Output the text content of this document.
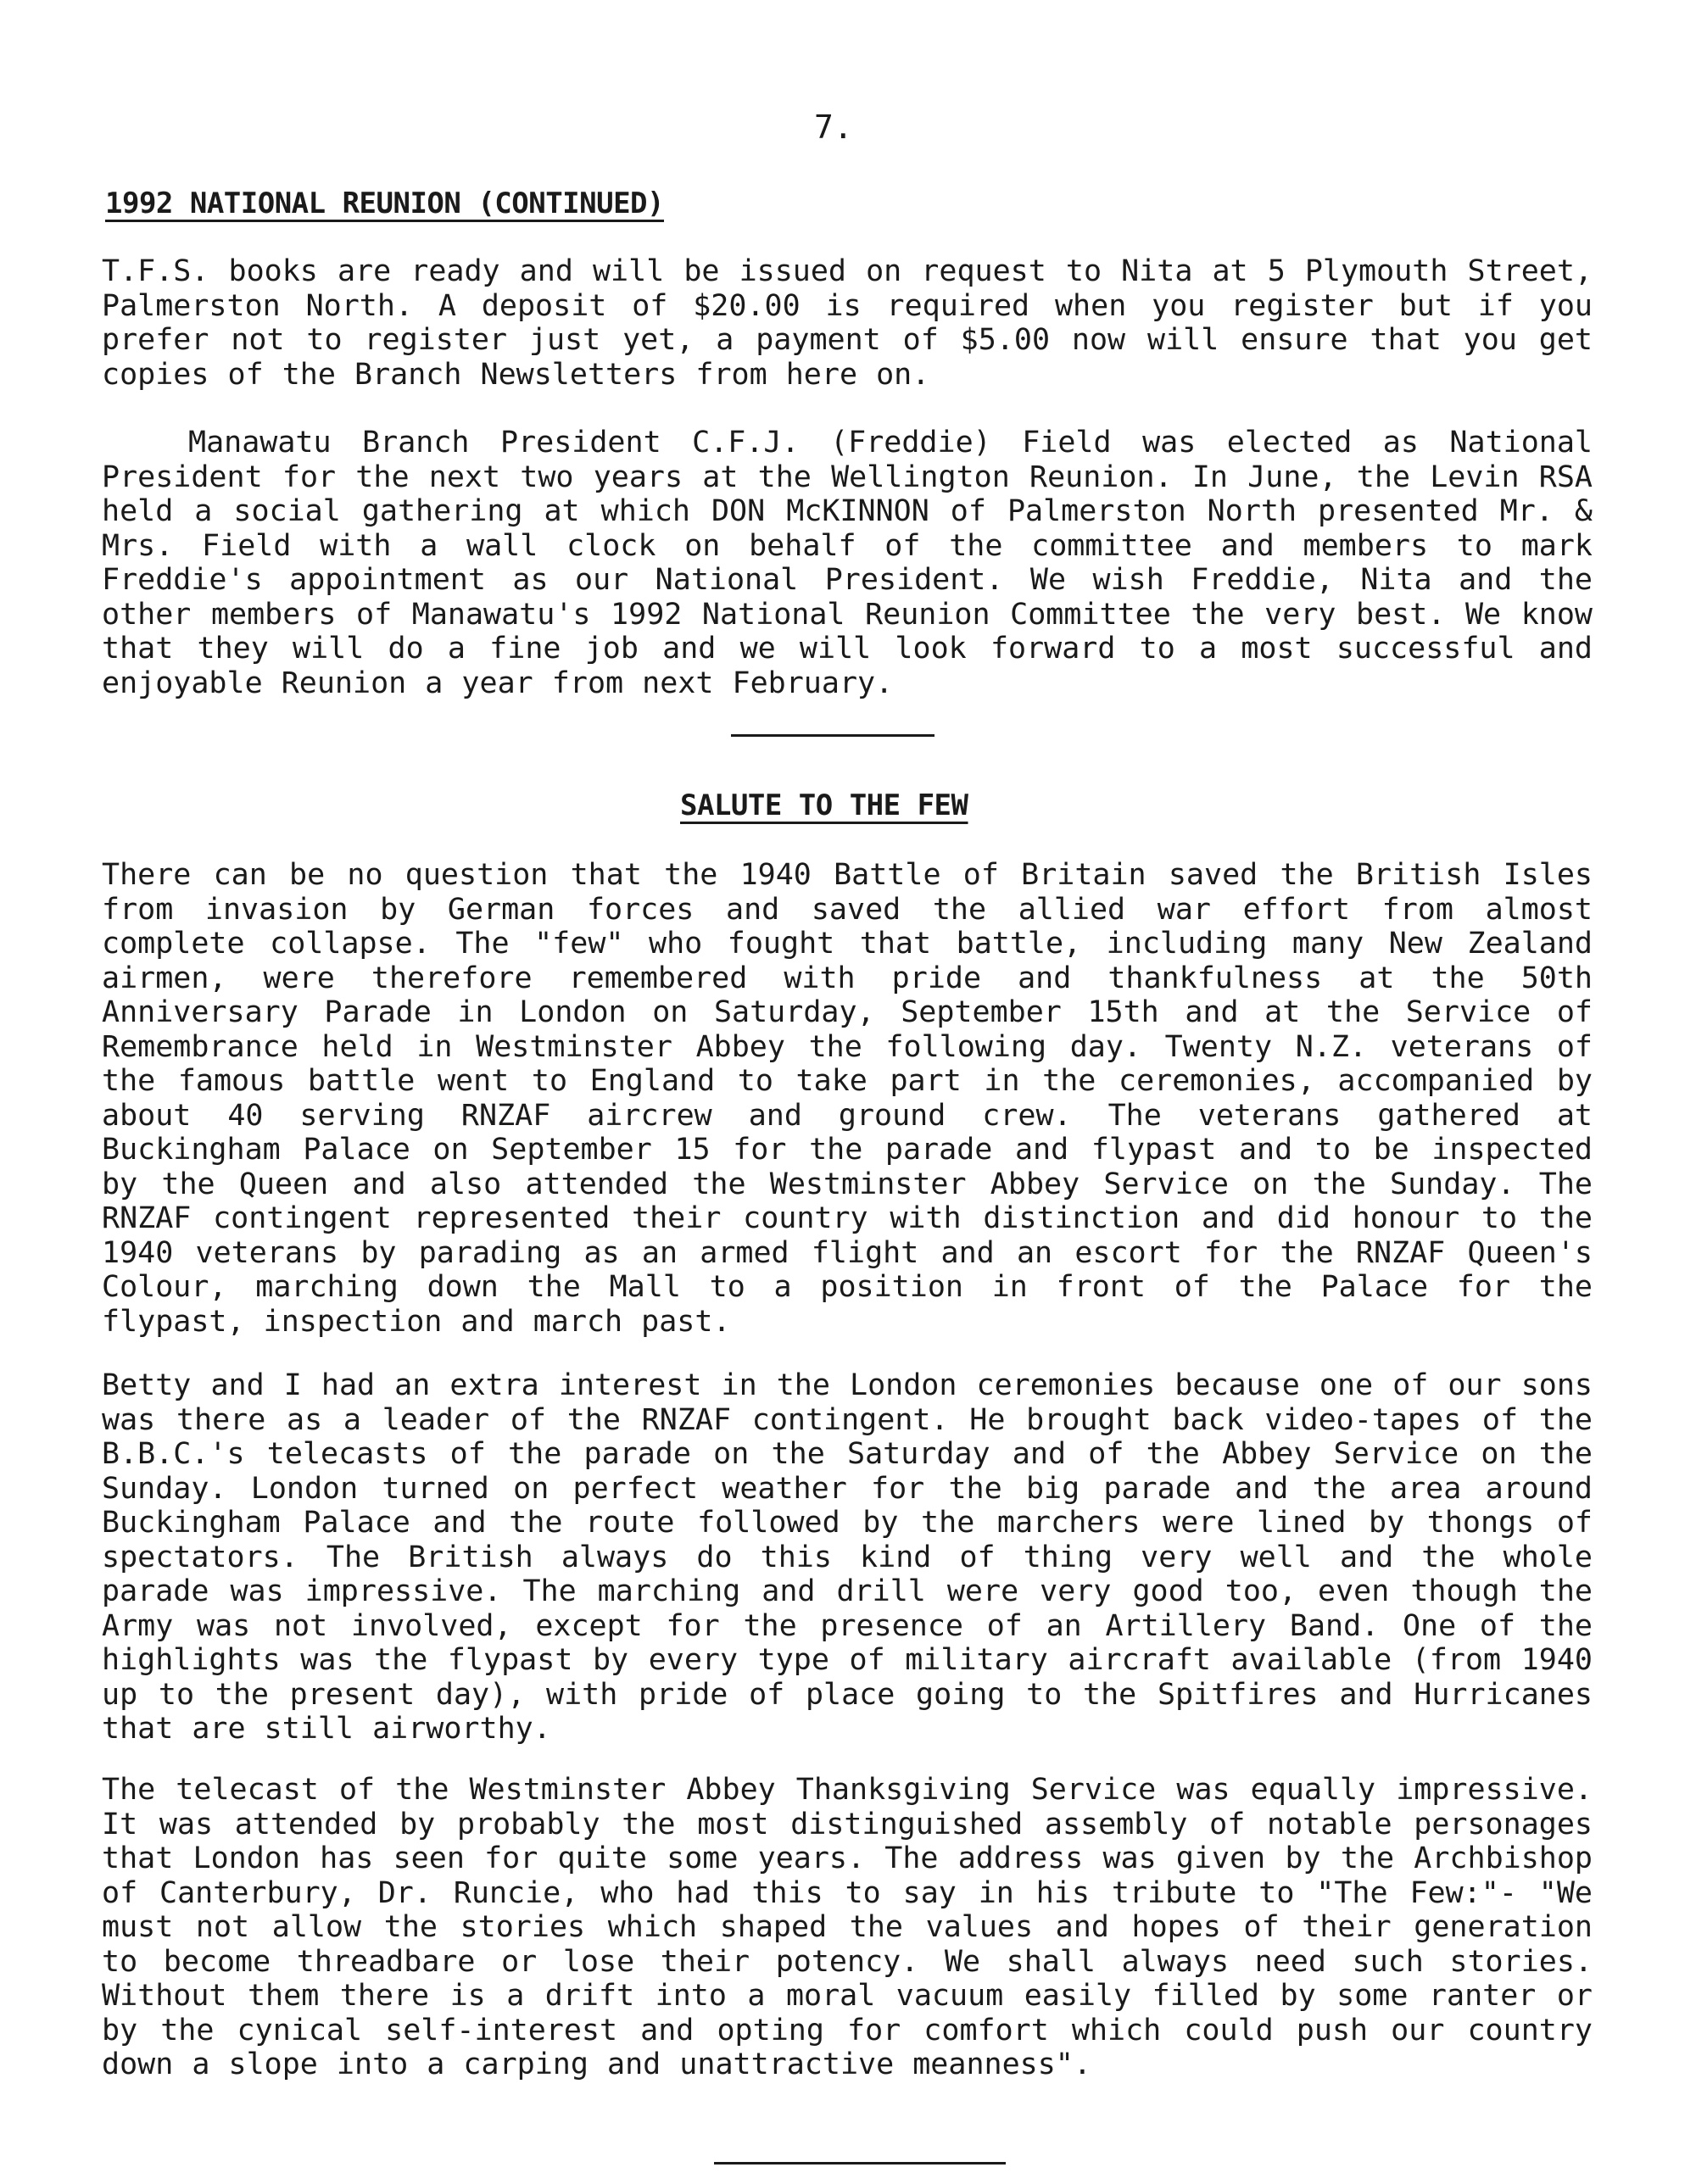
7.
1992 NATIONAL REUNION (CONTINUED)

T.F.S. books are ready and will be issued on request to Nita at 5 Plymouth Street, Palmerston North. A deposit of $20.00 is required when you register but if you prefer not to register just yet, a payment of $5.00 now will ensure that you get copies of the Branch Newsletters from here on.

Manawatu Branch President C.F.J. (Freddie) Field was elected as National President for the next two years at the Wellington Reunion. In June, the Levin RSA held a social gathering at which DON McKINNON of Palmerston North presented Mr. & Mrs. Field with a wall clock on behalf of the committee and members to mark Freddie's appointment as our National President. We wish Freddie, Nita and the other members of Manawatu's 1992 National Reunion Committee the very best. We know that they will do a fine job and we will look forward to a most successful and enjoyable Reunion a year from next February.

SALUTE TO THE FEW

There can be no question that the 1940 Battle of Britain saved the British Isles from invasion by German forces and saved the allied war effort from almost complete collapse. The "few" who fought that battle, including many New Zealand airmen, were therefore remembered with pride and thankfulness at the 50th Anniversary Parade in London on Saturday, September 15th and at the Service of Remembrance held in Westminster Abbey the following day. Twenty N.Z. veterans of the famous battle went to England to take part in the ceremonies, accompanied by about 40 serving RNZAF aircrew and ground crew. The veterans gathered at Buckingham Palace on September 15 for the parade and flypast and to be inspected by the Queen and also attended the Westminster Abbey Service on the Sunday. The RNZAF contingent represented their country with distinction and did honour to the 1940 veterans by parading as an armed flight and an escort for the RNZAF Queen's Colour, marching down the Mall to a position in front of the Palace for the flypast, inspection and march past.

Betty and I had an extra interest in the London ceremonies because one of our sons was there as a leader of the RNZAF contingent. He brought back video-tapes of the B.B.C.'s telecasts of the parade on the Saturday and of the Abbey Service on the Sunday. London turned on perfect weather for the big parade and the area around Buckingham Palace and the route followed by the marchers were lined by thongs of spectators. The British always do this kind of thing very well and the whole parade was impressive. The marching and drill were very good too, even though the Army was not involved, except for the presence of an Artillery Band. One of the highlights was the flypast by every type of military aircraft available (from 1940 up to the present day), with pride of place going to the Spitfires and Hurricanes that are still airworthy.

The telecast of the Westminster Abbey Thanksgiving Service was equally impressive. It was attended by probably the most distinguished assembly of notable personages that London has seen for quite some years. The address was given by the Archbishop of Canterbury, Dr. Runcie, who had this to say in his tribute to "The Few:"- "We must not allow the stories which shaped the values and hopes of their generation to become threadbare or lose their potency. We shall always need such stories. Without them there is a drift into a moral vacuum easily filled by some ranter or by the cynical self-interest and opting for comfort which could push our country down a slope into a carping and unattractive meanness".
